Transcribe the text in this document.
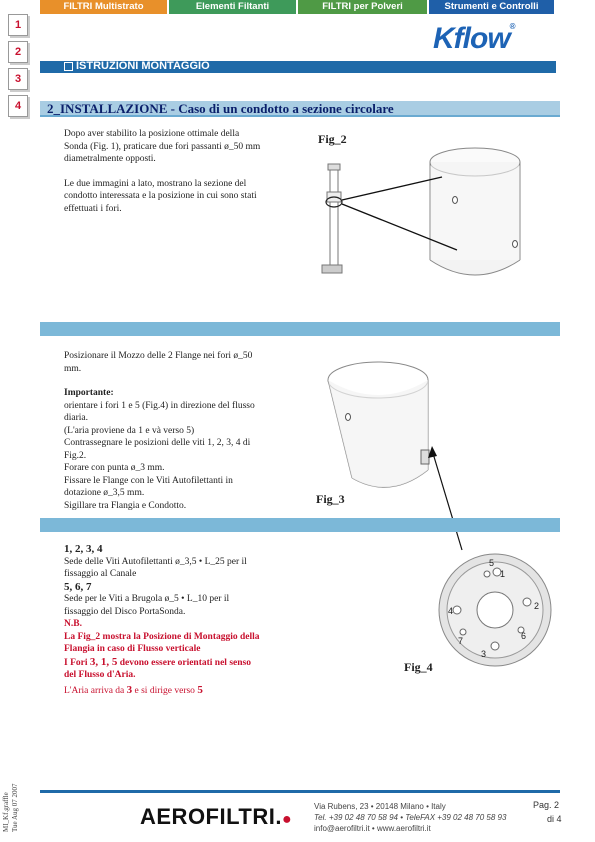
FILTRI Multistrato	Elementi Filtanti	FILTRI per Polveri	Strumenti e Controlli
Kflow®
1
2
3
4
ISTRUZIONI MONTAGGIO
2_INSTALLAZIONE - Caso di un condotto a sezione circolare
Dopo aver stabilito la posizione ottimale della
Sonda (Fig. 1), praticare due fori passanti ø_50 mm
diametralmente opposti.
Le due immagini a lato, mostrano la sezione del
condotto interessata e la posizione in cui sono stati
effettuati i fori.
Fig_2
Posizionare il Mozzo delle 2 Flange nei fori ø_50
mm.
Importante:
orientare i fori 1 e 5 (Fig.4) in direzione del flusso
diaria.
(L'aria proviene da 1 e và verso 5)
Contrassegnare le posizioni delle viti 1, 2, 3, 4 di
Fig.2.
Forare con punta ø_3 mm.
Fissare le Flange con le Viti Autofilettanti in
dotazione ø_3,5 mm.
Sigillare tra Flangia e Condotto.	Fig_3
1, 2, 3, 4
Sede delle Viti Autofilettanti ø_3,5 • L_25 per il
fissaggio al Canale
5, 6, 7
Sede per le Viti a Brugola ø_5 • L_10 per il
fissaggio del Disco PortaSonda.
N.B.
La Fig_2 mostra la Posizione di Montaggio della
Flangia in caso di Flusso verticale
I Fori 3, 1, 5 devono essere orientati nel senso
del Flusso d'Aria.
L'Aria arriva da 3 e si dirige verso 5
Fig_4
1
2
3
4
5
6
7
AEROFILTRI.●
Via Rubens, 23 • 20148 Milano • Italy
Tel. +39 02 48 70 58 94 • TeleFAX +39 02 48 70 58 93
info@aerofiltri.it • www.aerofiltri.it
Pag. 2
di 4
MI_Kf.graffle Tue Aug 07 2007
